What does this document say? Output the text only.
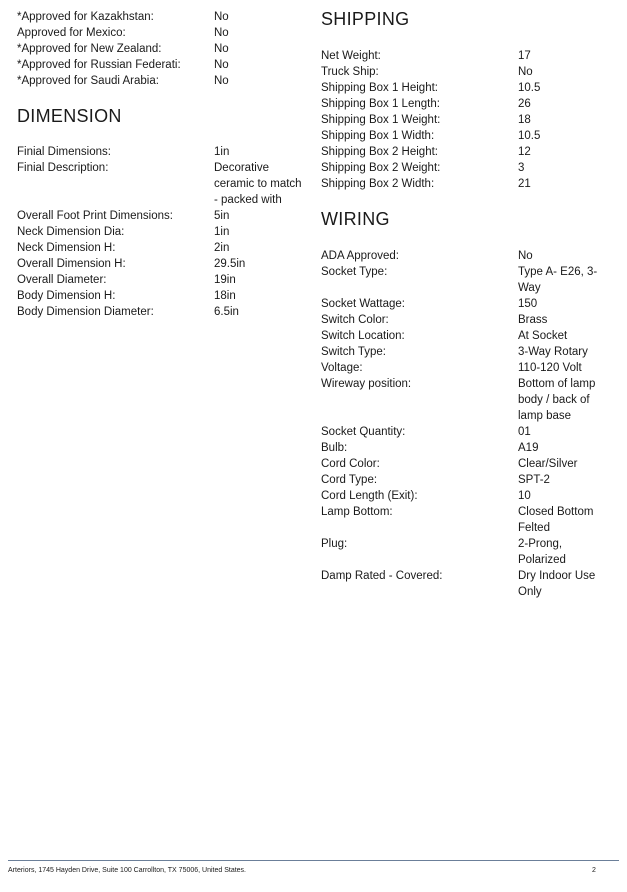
*Approved for Kazakhstan:	No
Approved for Mexico:	No
*Approved for New Zealand:	No
*Approved for Russian Federati:	No
*Approved for Saudi Arabia:	No
DIMENSION
Finial Dimensions:	1in
Finial Description:	Decorative ceramic to match - packed with
Overall Foot Print Dimensions:	5in
Neck Dimension Dia:	1in
Neck Dimension H:	2in
Overall Dimension H:	29.5in
Overall Diameter:	19in
Body Dimension H:	18in
Body Dimension Diameter:	6.5in
SHIPPING
Net Weight:	17
Truck Ship:	No
Shipping Box 1 Height:	10.5
Shipping Box 1 Length:	26
Shipping Box 1 Weight:	18
Shipping Box 1 Width:	10.5
Shipping Box 2 Height:	12
Shipping Box 2 Weight:	3
Shipping Box 2 Width:	21
WIRING
ADA Approved:	No
Socket Type:	Type A- E26, 3-Way
Socket Wattage:	150
Switch Color:	Brass
Switch Location:	At Socket
Switch Type:	3-Way Rotary
Voltage:	110-120 Volt
Wireway position:	Bottom of lamp body / back of lamp base
Socket Quantity:	01
Bulb:	A19
Cord Color:	Clear/Silver
Cord Type:	SPT-2
Cord Length (Exit):	10
Lamp Bottom:	Closed Bottom Felted
Plug:	2-Prong, Polarized
Damp Rated - Covered:	Dry Indoor Use Only
Arteriors, 1745 Hayden Drive, Suite 100 Carrollton, TX 75006, United States.	2
